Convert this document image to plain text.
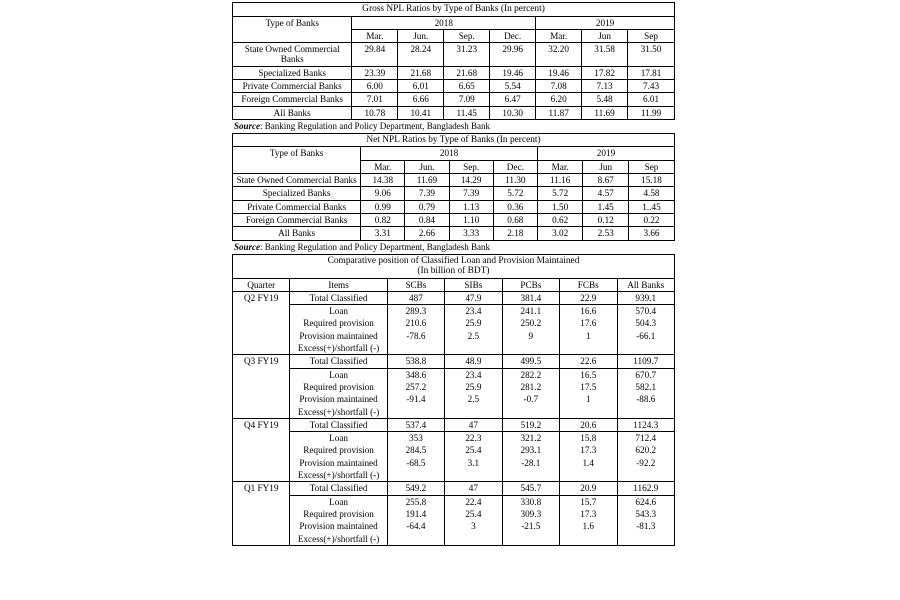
Gross NPL Ratios by Type of Banks (In percent)							
Type of Banks	2018				2019		
	Mar.	Jun.	Sep.	Dec.	Mar.	Jun	Sep
State Owned Commercial Banks	29.84	28.24	31.23	29.96	32.20	31.58	31.50
Specialized Banks	23.39	21.68	21.68	19.46	19.46	17.82	17.81
Private Commercial Banks	6.00	6.01	6.65	5.54	7.08	7.13	7.43
Foreign Commercial Banks	7.01	6.66	7.09	6.47	6.20	5.48	6.01
All Banks	10.78	10.41	11.45	10.30	11.87	11.69	11.99
Source: Banking Regulation and Policy Department, Bangladesh Bank
Net NPL Ratios by Type of Banks (In percent)							
Type of Banks	2018				2019		
	Mar.	Jun.	Sep.	Dec.	Mar.	Jun	Sep
State Owned Commercial Banks	14.38	11.69	14.29	11.30	11.16	8.67	15.18
Specialized Banks	9.06	7.39	7.39	5.72	5.72	4.57	4.58
Private Commercial Banks	0.99	0.79	1.13	0.36	1.50	1.45	1..45
Foreign Commercial Banks	0.82	0.84	1.10	0.68	0.62	0.12	0.22
All Banks	3.31	2.66	3.33	2.18	3.02	2.53	3.66
Source: Banking Regulation and Policy Department, Bangladesh Bank
Comparative position of Classified Loan and Provision Maintained
(In billion of BDT)						

Quarter	Items	SCBs	SIBs	PCBs	FCBs	All Banks
Q2 FY19	Total Classified	487	47.9	381.4	22.9	939.1
	Loan	289.3	23.4	241.1	16.6	570.4
	Required provision	210.6	25.9	250.2	17.6	504.3
	Provision maintained	-78.6	2.5	9	1	-66.1
	Excess(+)/shortfall (-)					
Q3 FY19	Total Classified	538.8	48.9	499.5	22.6	1109.7
	Loan	348.6	23.4	282.2	16.5	670.7
	Required provision	257.2	25.9	281.2	17.5	582.1
	Provision maintained	-91.4	2.5	-0.7	1	-88.6
	Excess(+)/shortfall (-)					
Q4 FY19	Total Classified	537.4	47	519.2	20.6	1124.3
	Loan	353	22.3	321.2	15.8	712.4
	Required provision	284.5	25.4	293.1	17.3	620.2
	Provision maintained	-68.5	3.1	-28.1	1.4	-92.2
	Excess(+)/shortfall (-)					
Q1 FY19	Total Classified	549.2	47	545.7	20.9	1162.9
	Loan	255.8	22.4	330.8	15.7	624.6
	Required provision	191.4	25.4	309.3	17.3	543.3
	Provision maintained	-64.4	3	-21.5	1.6	-81.3
	Excess(+)/shortfall (-)					
